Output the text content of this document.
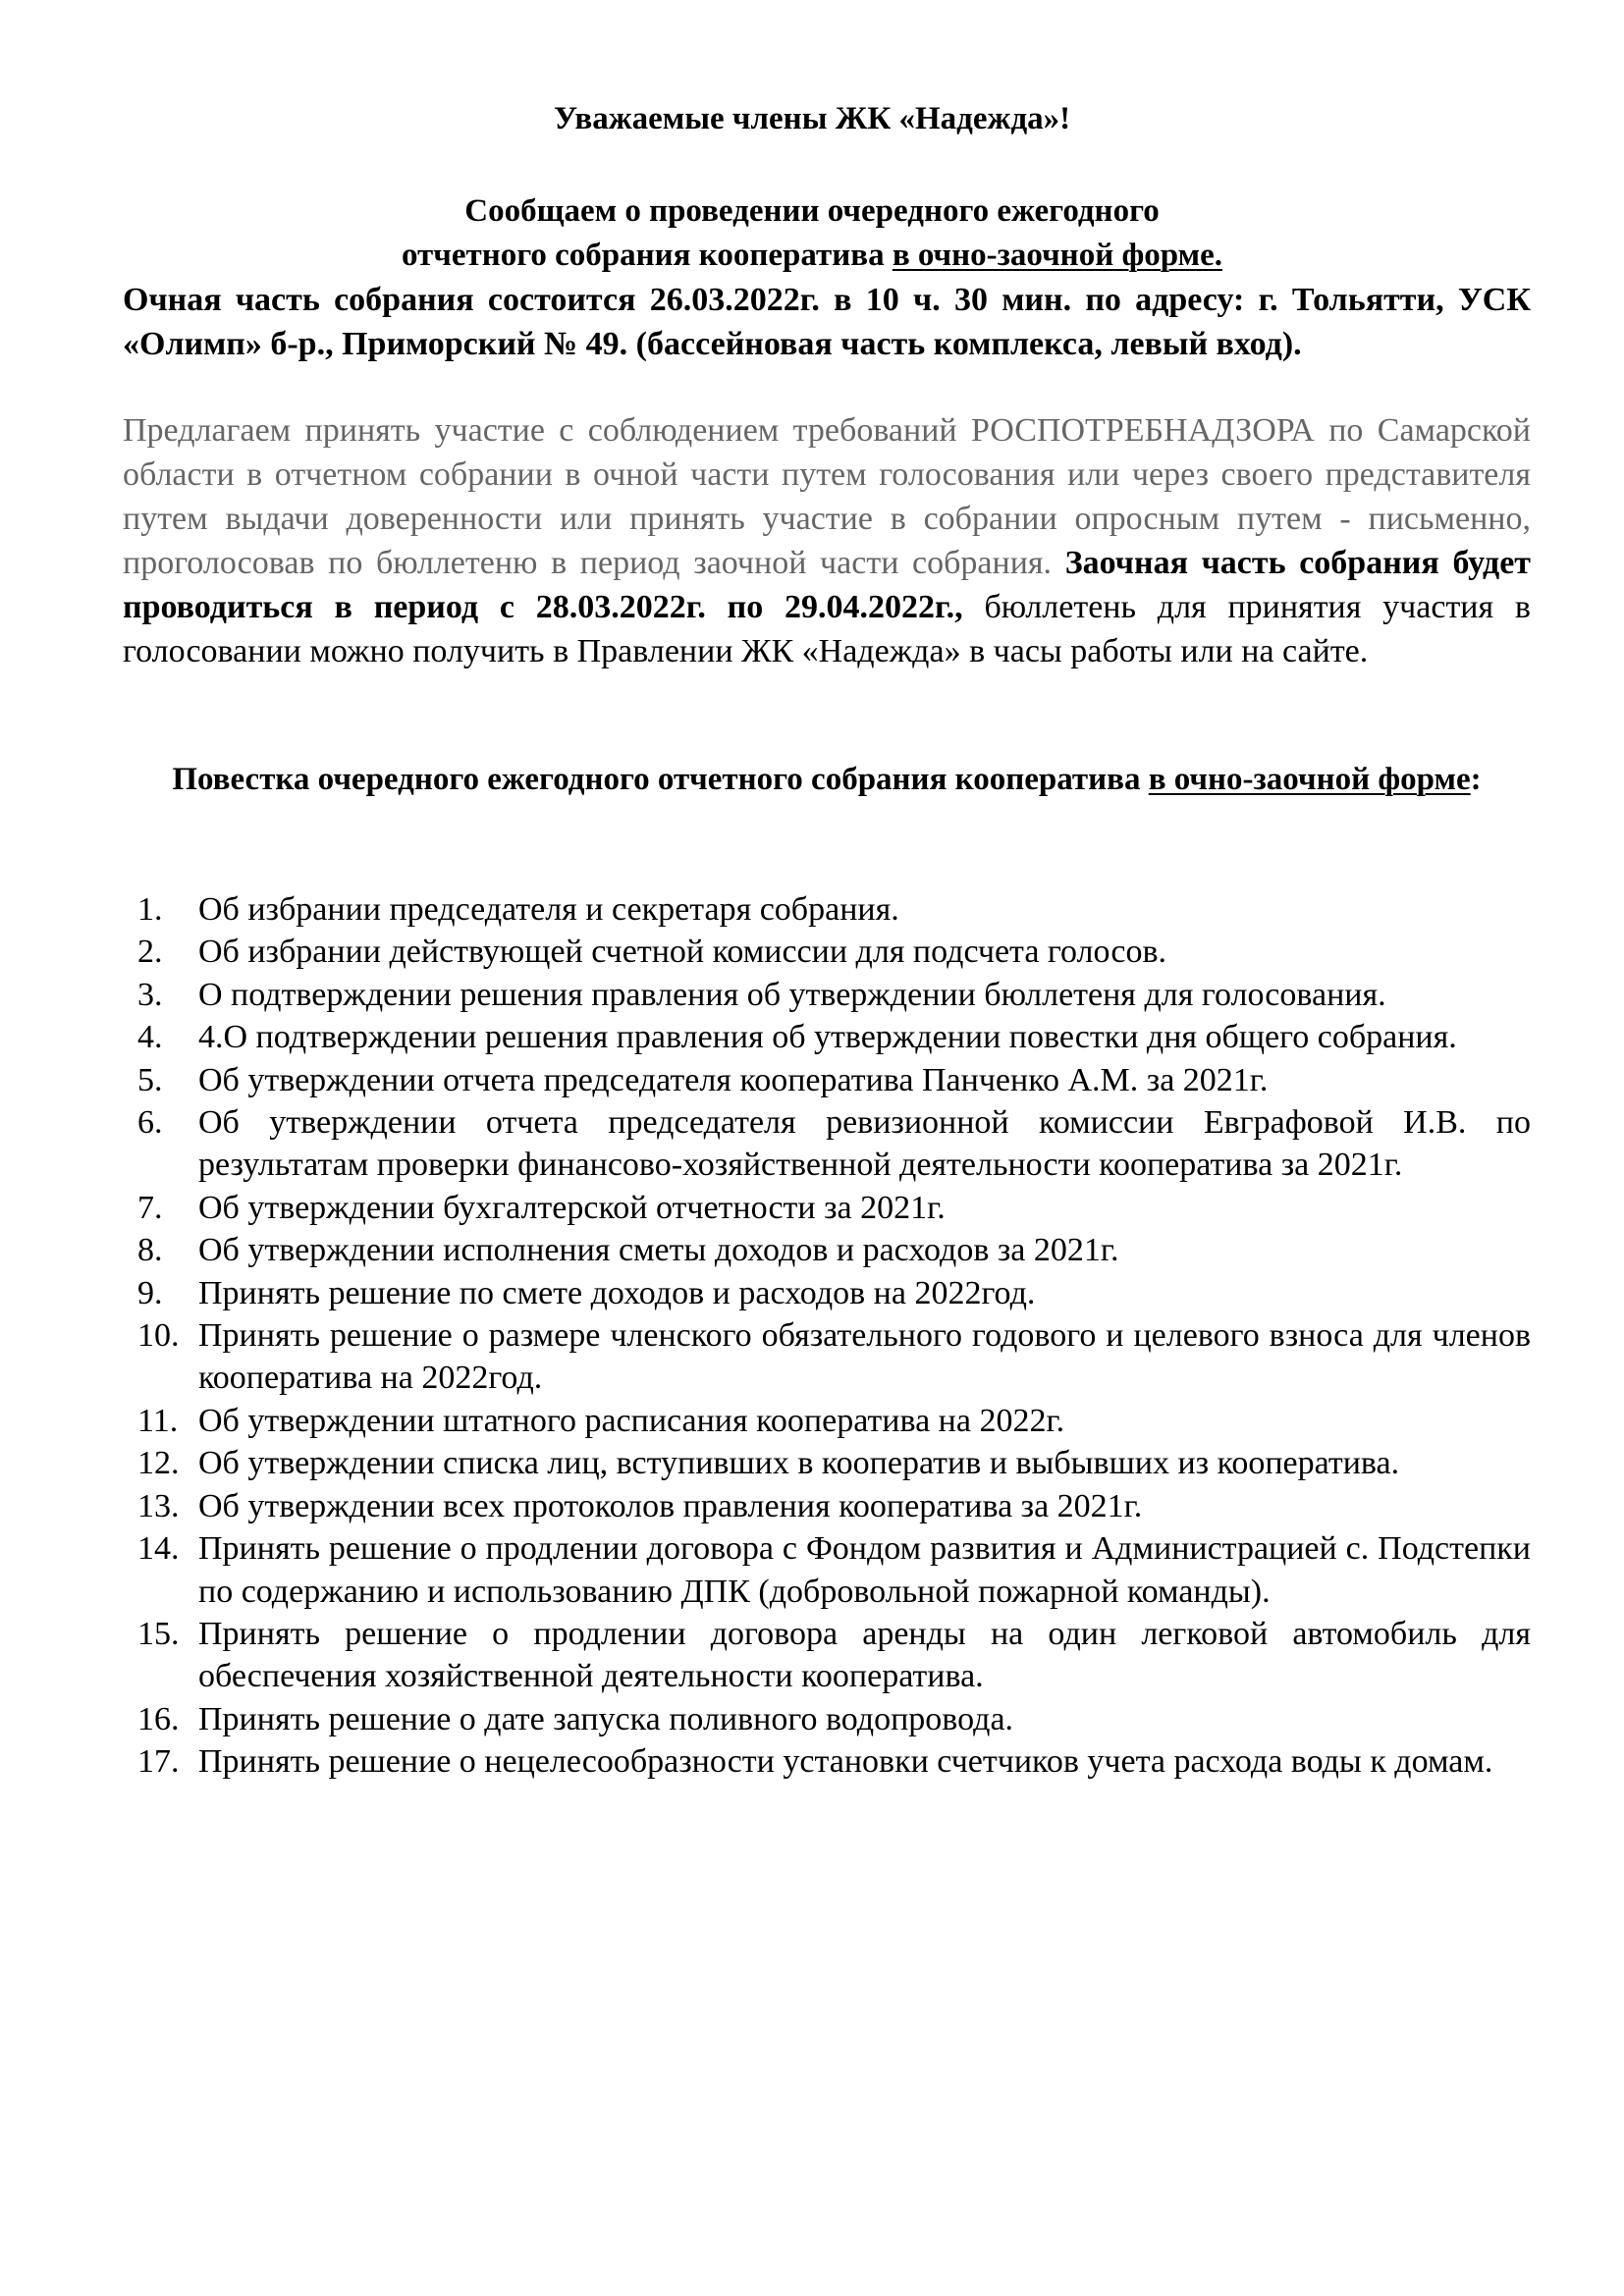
Уважаемые члены ЖК «Надежда»!
Сообщаем о проведении очередного ежегодного
отчетного собрания кооператива в очно-заочной форме.
Очная часть собрания состоится 26.03.2022г. в 10 ч. 30 мин. по адресу: г. Тольятти, УСК «Олимп» б-р., Приморский № 49. (бассейновая часть комплекса, левый вход).
Предлагаем принять участие с соблюдением требований РОСПОТРЕБНАДЗОРА по Самарской области в отчетном собрании в очной части путем голосования или через своего представителя путем выдачи доверенности или принять участие в собрании опросным путем - письменно, проголосовав по бюллетеню в период заочной части собрания. Заочная часть собрания будет проводиться в период с 28.03.2022г. по 29.04.2022г., бюллетень для принятия участия в голосовании можно получить в Правлении ЖК «Надежда» в часы работы или на сайте.
Повестка очередного ежегодного отчетного собрания кооператива в очно-заочной форме:
1. Об избрании председателя и секретаря собрания.
2. Об избрании действующей счетной комиссии для подсчета голосов.
3. О подтверждении решения правления об утверждении бюллетеня для голосования.
4. 4.О подтверждении решения правления об утверждении повестки дня общего собрания.
5. Об утверждении отчета председателя кооператива Панченко А.М. за 2021г.
6. Об утверждении отчета председателя ревизионной комиссии Евграфовой И.В. по результатам проверки финансово-хозяйственной деятельности кооператива за 2021г.
7. Об утверждении бухгалтерской отчетности за 2021г.
8. Об утверждении исполнения сметы доходов и расходов за 2021г.
9. Принять решение по смете доходов и расходов на 2022год.
10. Принять решение о размере членского обязательного годового и целевого взноса для членов кооператива на 2022год.
11. Об утверждении штатного расписания кооператива на 2022г.
12. Об утверждении списка лиц, вступивших в кооператив и выбывших из кооператива.
13. Об утверждении всех протоколов правления кооператива за 2021г.
14. Принять решение о продлении договора с Фондом развития и Администрацией с. Подстепки по содержанию и использованию ДПК (добровольной пожарной команды).
15. Принять решение о продлении договора аренды на один легковой автомобиль для обеспечения хозяйственной деятельности кооператива.
16. Принять решение о дате запуска поливного водопровода.
17. Принять решение о нецелесообразности установки счетчиков учета расхода воды к домам.
